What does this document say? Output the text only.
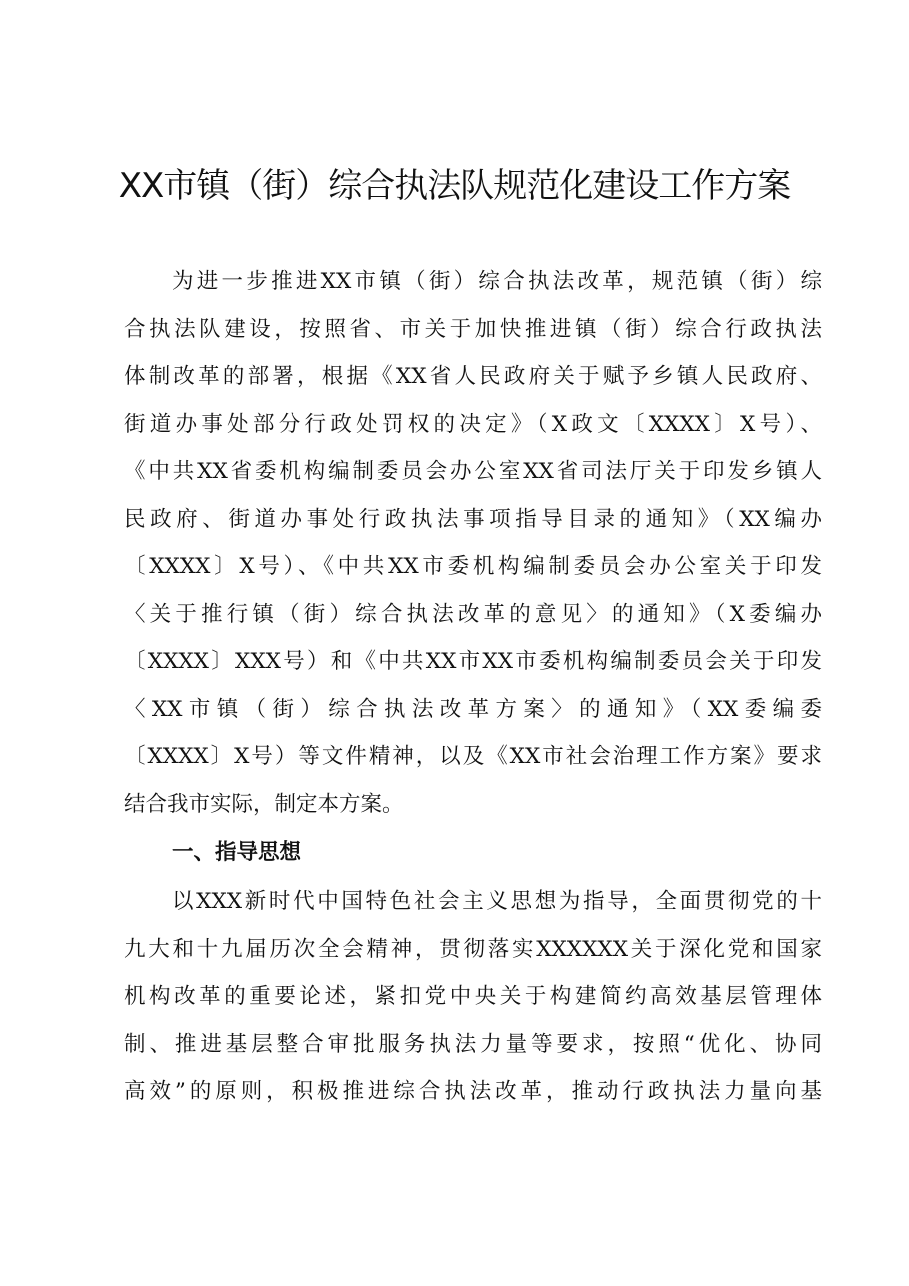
XX市镇（街）综合执法队规范化建设工作方案
为进一步推进XX市镇（街）综合执法改革，规范镇（街）综
合执法队建设，按照省、市关于加快推进镇（街）综合行政执法
体制改革的部署，根据《XX省人民政府关于赋予乡镇人民政府、
街道办事处部分行政处罚权的决定》（X政文〔XXXX〕X号）、
《中共XX省委机构编制委员会办公室XX省司法厅关于印发乡镇人
民政府、街道办事处行政执法事项指导目录的通知》（XX编办
〔XXXX〕X号）、《中共XX市委机构编制委员会办公室关于印发
〈关于推行镇（街）综合执法改革的意见〉的通知》（X委编办
〔XXXX〕XXX号）和《中共XX市XX市委机构编制委员会关于印发
〈XX市镇（街）综合执法改革方案〉的通知》（XX委编委
〔XXXX〕X号）等文件精神，以及《XX市社会治理工作方案》要求
结合我市实际，制定本方案。
一、指导思想
以XXX新时代中国特色社会主义思想为指导，全面贯彻党的十
九大和十九届历次全会精神，贯彻落实XXXXXX关于深化党和国家
机构改革的重要论述，紧扣党中央关于构建简约高效基层管理体
制、推进基层整合审批服务执法力量等要求，按照“优化、协同
高效”的原则，积极推进综合执法改革，推动行政执法力量向基
